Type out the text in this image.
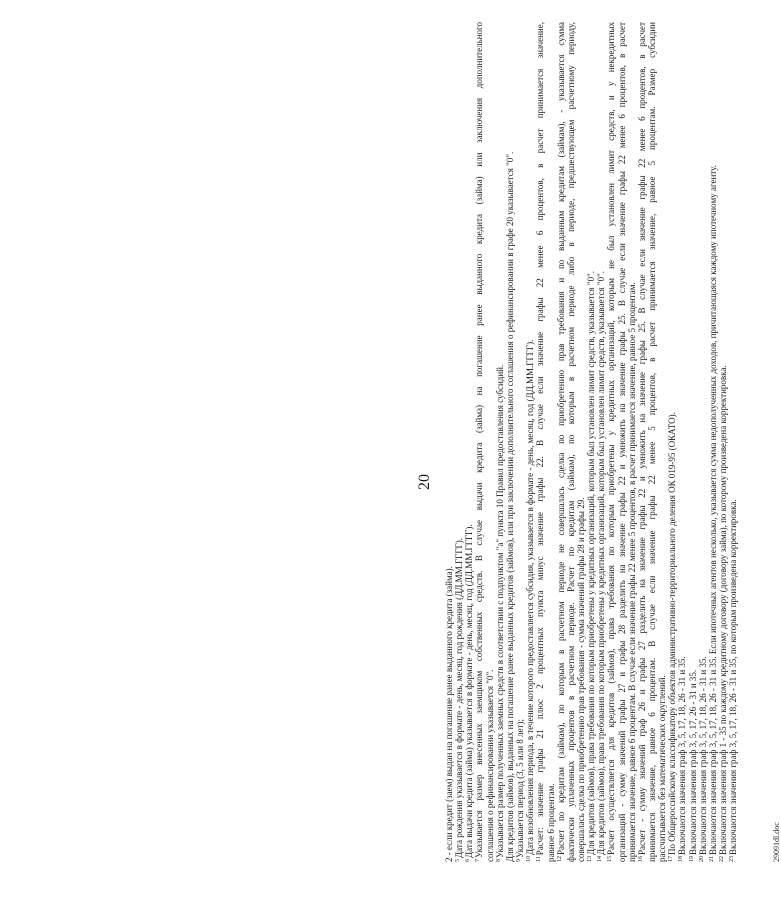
20
2 - если кредит (заем) выдан на погашение ранее выданного кредита (займа). $^5$Дата рождения указывается в формате - день, месяц, год рождения (ДД.ММ.ГГГГ).
$^6$Дата выдачи кредита (займа) указывается в формате - день, месяц, год (ДД.ММ.ГГГГ).
$^7$Указывается размер внесенных заемщиком собственных средств. В случае выдачи кредита (займа) на погашение ранее выданного кредита (займа) или заключения дополнительного соглашения о рефинансировании указывается "0". $^8$Указывается размер полученных заемных средств в соответствии с подпунктом "а" пункта 10 Правил предоставления субсидий. Для кредитов (займов), выданных на погашение ранее выданных кредитов (займов), или при заключении дополнительного соглашения о рефинансировании в графе 20 указывается "0". $^9$Указывается период (3, 5 или 8 лет);
$^{10}$Дата возобновления периода, в течение которого предоставляется субсидия, указывается в формате - день, месяц, год (ДД.ММ.ГГГГ).
$^{11}$Расчет: значение графы 21 плюс 2 процентных пункта минус значение графы 22. В случае если значение графы 22 менее 6 процентов, в расчет принимается значение, равное 6 процентам. $^{12}$Расчет по кредитам (займам), по которым в расчетном периоде не совершалась сделка по приобретению прав требования и по выданным кредитам (займам), - указывается сумма фактически уплаченных процентов в расчетном периоде. Расчет по кредитам (займам), по которым в расчетном периоде либо в периоде, предшествующем расчетному периоду, совершалась сделка по приобретению прав требования - сумма значений графы 28 и графы 29. $^{13}$Для кредитов (займов), права требования по которым приобретены у кредитных организаций, которым был установлен лимит средств, указывается "0".
$^{14}$Для кредитов (займов), права требования по которым приобретены у кредитных организаций, которым был установлен лимит средств, указывается "0".
$^{15}$Расчет осуществляется для кредитов (займов), права требования по которым приобретены у кредитных организаций, которым не был установлен лимит средств, и у некредитных организаций - сумму значений графы 27 и графы 28 разделить на значение графы 22 и умножить на значение графы 25. В случае если значение графы 22 менее 6 процентов, в расчет принимается значение, равное 6 процентам. В случае если значение графы 22 менее 5 процентов, в расчет принимается значение, равное 5 процентам. $^{16}$Расчет - сумму значений граф 26 и графы 27 разделить на значение графы 22 и умножить на значение графы 25. В случае если значение графы 22 менее 6 процентов, в расчет принимается значение, равное 6 процентам. В случае если значение графы 22 менее 5 процентов, в расчет принимается значение, равное 5 процентам. Размер субсидии рассчитывается без математических округлений. $^{17}$По Общероссийскому классификатору объектов административно-территориального деления ОК 019-95 (ОКАТО).
$^{18}$Включаются значения граф 3, 5, 17, 18, 26 - 31 и 35.
$^{19}$Включаются значения граф 3, 5, 17, 26 - 31 и 35.
$^{20}$Включаются значения граф 3, 5, 17, 18, 26 - 31 и 35.
$^{21}$Включаются значения граф 3, 5, 17, 18, 26 - 31 и 35. Если ипотечных агентов несколько, указывается сумма недополученных доходов, причитающаяся каждому ипотечному агенту.
$^{22}$Включаются значения граф 1 - 35 по каждому кредитному договору (договору займа), по которому произведена корректировка.
$^{23}$Включаются значения граф 3, 5, 17, 18, 26 - 31 и 35, по которым произведена корректировка.	29091dl.doc
